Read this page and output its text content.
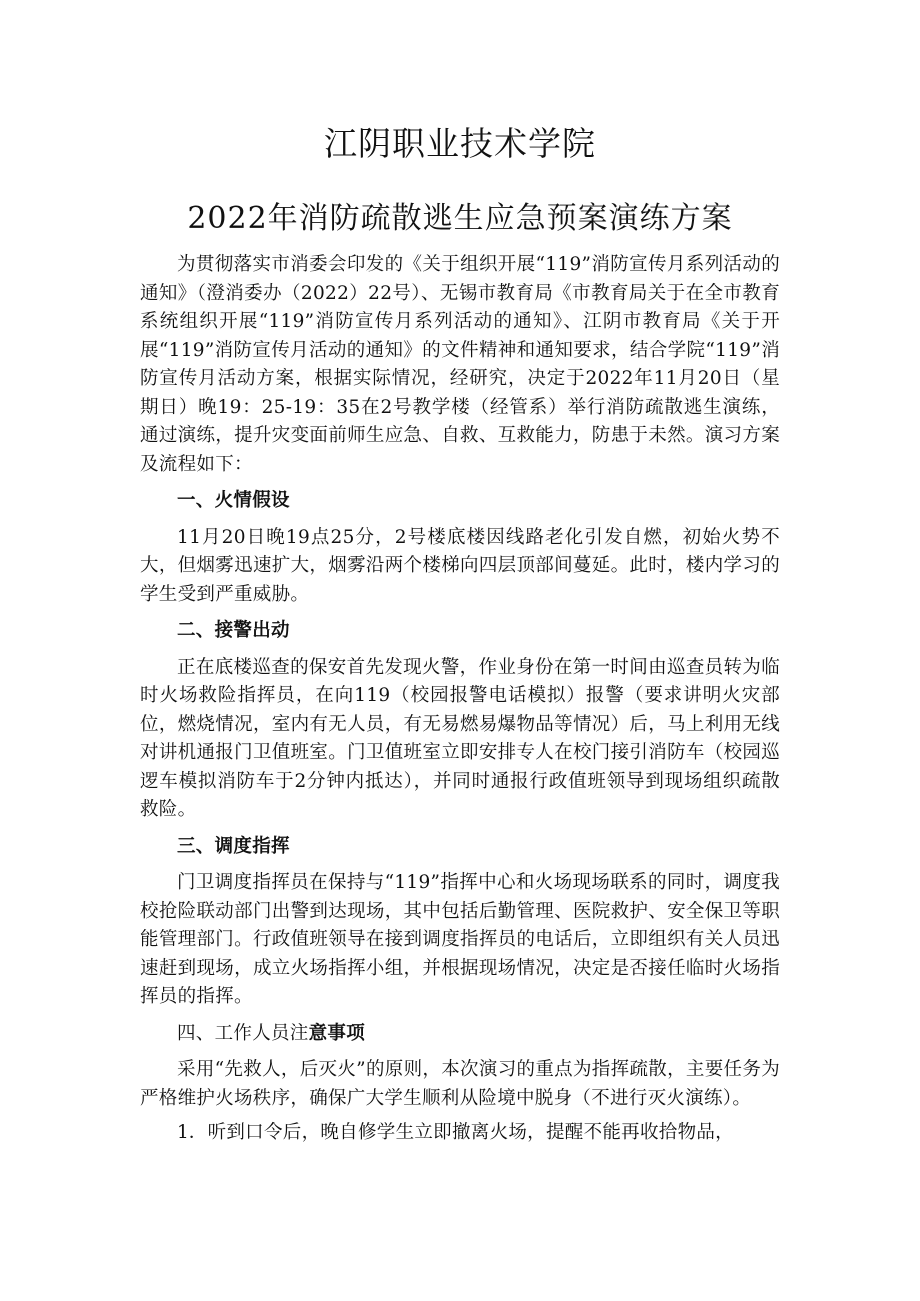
江阴职业技术学院
2022年消防疏散逃生应急预案演练方案

为贯彻落实市消委会印发的《关于组织开展“119”消防宣传月系列活动的通知》（澄消委办（2022）22号）、无锡市教育局《市教育局关于在全市教育系统组织开展“119”消防宣传月系列活动的通知》、江阴市教育局《关于开展“119”消防宣传月活动的通知》的文件精神和通知要求，结合学院“119”消防宣传月活动方案，根据实际情况，经研究，决定于2022年11月20日（星期日）晚19：25-19：35在2号教学楼（经管系）举行消防疏散逃生演练，通过演练，提升灾变面前师生应急、自救、互救能力，防患于未然。演习方案及流程如下：

一、火情假设

11月20日晚19点25分，2号楼底楼因线路老化引发自燃，初始火势不大，但烟雾迅速扩大，烟雾沿两个楼梯向四层顶部间蔓延。此时，楼内学习的学生受到严重威胁。

二、接警出动

正在底楼巡查的保安首先发现火警，作业身份在第一时间由巡查员转为临时火场救险指挥员，在向119（校园报警电话模拟）报警（要求讲明火灾部位，燃烧情况，室内有无人员，有无易燃易爆物品等情况）后，马上利用无线对讲机通报门卫值班室。门卫值班室立即安排专人在校门接引消防车（校园巡逻车模拟消防车于2分钟内抵达），并同时通报行政值班领导到现场组织疏散救险。

三、调度指挥

门卫调度指挥员在保持与“119”指挥中心和火场现场联系的同时，调度我校抢险联动部门出警到达现场，其中包括后勤管理、医院救护、安全保卫等职能管理部门。行政值班领导在接到调度指挥员的电话后，立即组织有关人员迅速赶到现场，成立火场指挥小组，并根据现场情况，决定是否接任临时火场指挥员的指挥。

四、工作人员注意事项

采用“先救人，后灭火”的原则，本次演习的重点为指挥疏散，主要任务为严格维护火场秩序，确保广大学生顺利从险境中脱身（不进行灭火演练）。

1．听到口令后，晚自修学生立即撤离火场，提醒不能再收拾物品，
